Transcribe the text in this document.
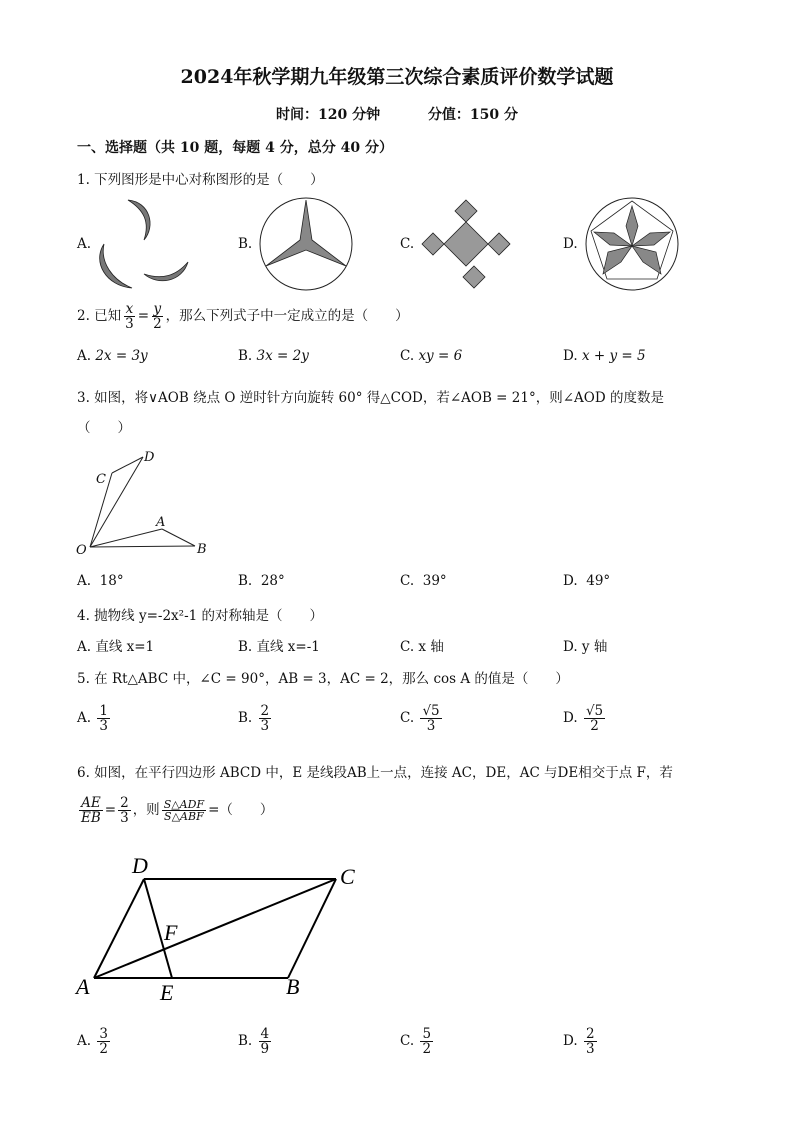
2024年秋学期九年级第三次综合素质评价数学试题
时间：120 分钟	分值：150 分
一、选择题（共 10 题，每题 4 分，总分 40 分）
1. 下列图形是中心对称图形的是（　　）
A.	B.	C.	D.
2. 已知 $\frac{x}{3} = \frac{y}{2}$ ，那么下列式子中一定成立的是（　　）
A. 2x = 3y	B. 3x = 2y	C. xy = 6	D. x + y = 5
3. 如图，将∨AOB 绕点 O 逆时针方向旋转 60° 得△COD，若∠AOB = 21°，则∠AOD 的度数是
（　　）
D
C
A
O	B
A. 18°	B. 28°	C. 39°	D. 49°
4. 抛物线 y=-2x²-1 的对称轴是（　　）
A. 直线 x=1	B. 直线 x=-1	C. x 轴	D. y 轴
5. 在 Rt△ABC 中，∠C = 90°，AB = 3，AC = 2，那么 cos A 的值是（　　）
A. $\frac{1}{3}$	B. $\frac{2}{3}$	C. $\frac{√5}{3}$	D. $\frac{√5}{2}$
6. 如图，在平行四边形 ABCD 中，E 是线段AB上一点，连接 AC，DE，AC 与DE相交于点 F，若
$\frac{AE}{EB} = \frac{2}{3}$ ，则 $\frac{\text{S△ADF}}{\text{S△ABF}}$ =（　　）
D	C
F
A	E	B
A. $\frac{3}{2}$	B. $\frac{4}{9}$	C. $\frac{5}{2}$	D. $\frac{2}{3}$
